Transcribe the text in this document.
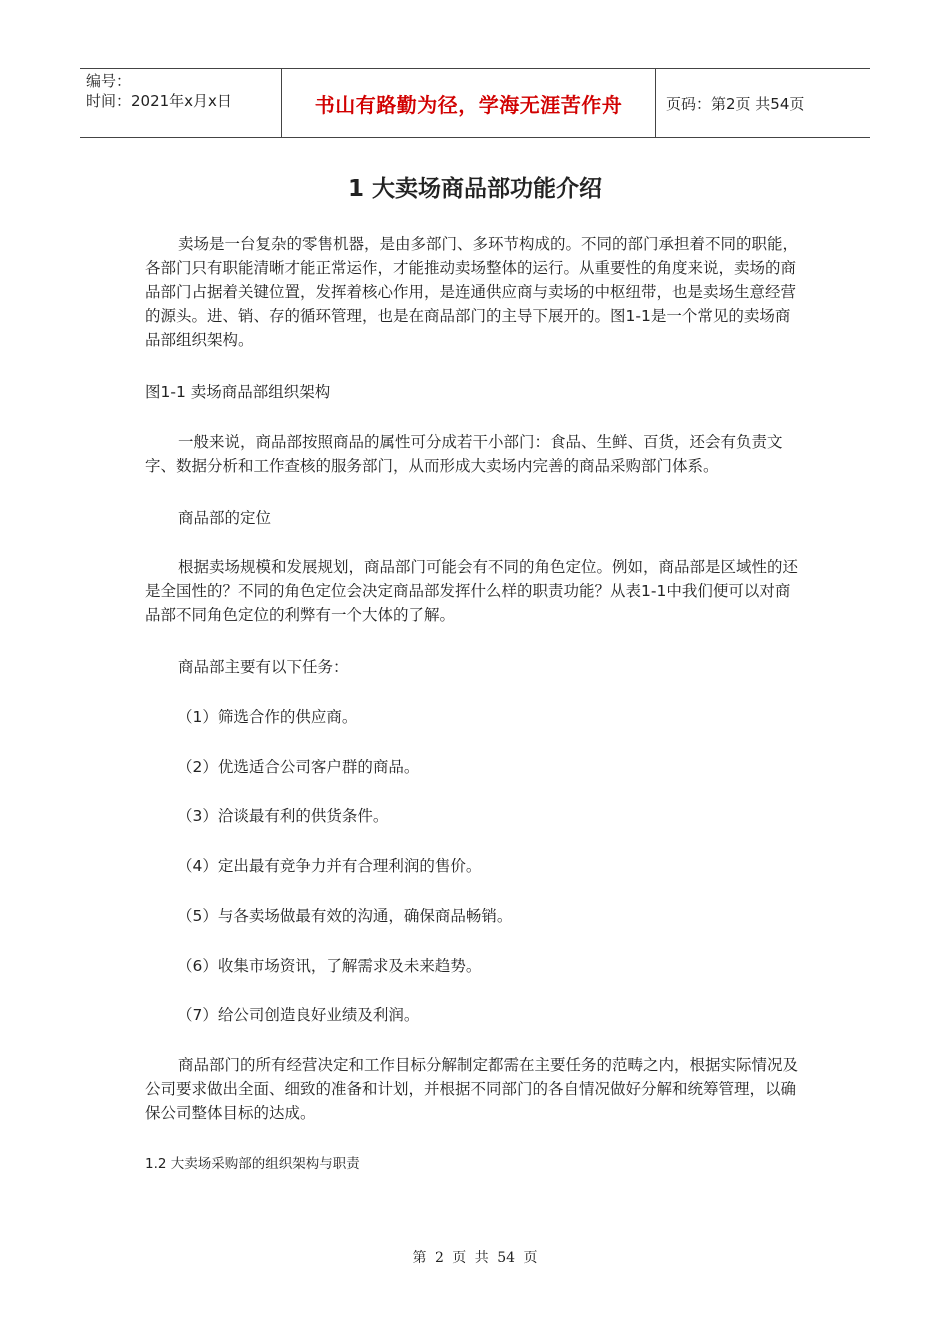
编号：
时间：2021年x月x日	书山有路勤为径，学海无涯苦作舟	页码：第2页 共54页
1 大卖场商品部功能介绍
卖场是一台复杂的零售机器，是由多部门、多环节构成的。不同的部门承担着不同的职能，各部门只有职能清晰才能正常运作，才能推动卖场整体的运行。从重要性的角度来说，卖场的商品部门占据着关键位置，发挥着核心作用，是连通供应商与卖场的中枢纽带，也是卖场生意经营的源头。进、销、存的循环管理，也是在商品部门的主导下展开的。图1-1是一个常见的卖场商品部组织架构。
图1-1 卖场商品部组织架构
一般来说，商品部按照商品的属性可分成若干小部门：食品、生鲜、百货，还会有负责文字、数据分析和工作查核的服务部门，从而形成大卖场内完善的商品采购部门体系。
商品部的定位
根据卖场规模和发展规划，商品部门可能会有不同的角色定位。例如，商品部是区域性的还是全国性的？不同的角色定位会决定商品部发挥什么样的职责功能？从表1-1中我们便可以对商品部不同角色定位的利弊有一个大体的了解。
商品部主要有以下任务：
（1）筛选合作的供应商。
（2）优选适合公司客户群的商品。
（3）洽谈最有利的供货条件。
（4）定出最有竞争力并有合理利润的售价。
（5）与各卖场做最有效的沟通，确保商品畅销。
（6）收集市场资讯，了解需求及未来趋势。
（7）给公司创造良好业绩及利润。
商品部门的所有经营决定和工作目标分解制定都需在主要任务的范畴之内，根据实际情况及公司要求做出全面、细致的准备和计划，并根据不同部门的各自情况做好分解和统筹管理，以确保公司整体目标的达成。
1.2 大卖场采购部的组织架构与职责
第 2 页 共 54 页
